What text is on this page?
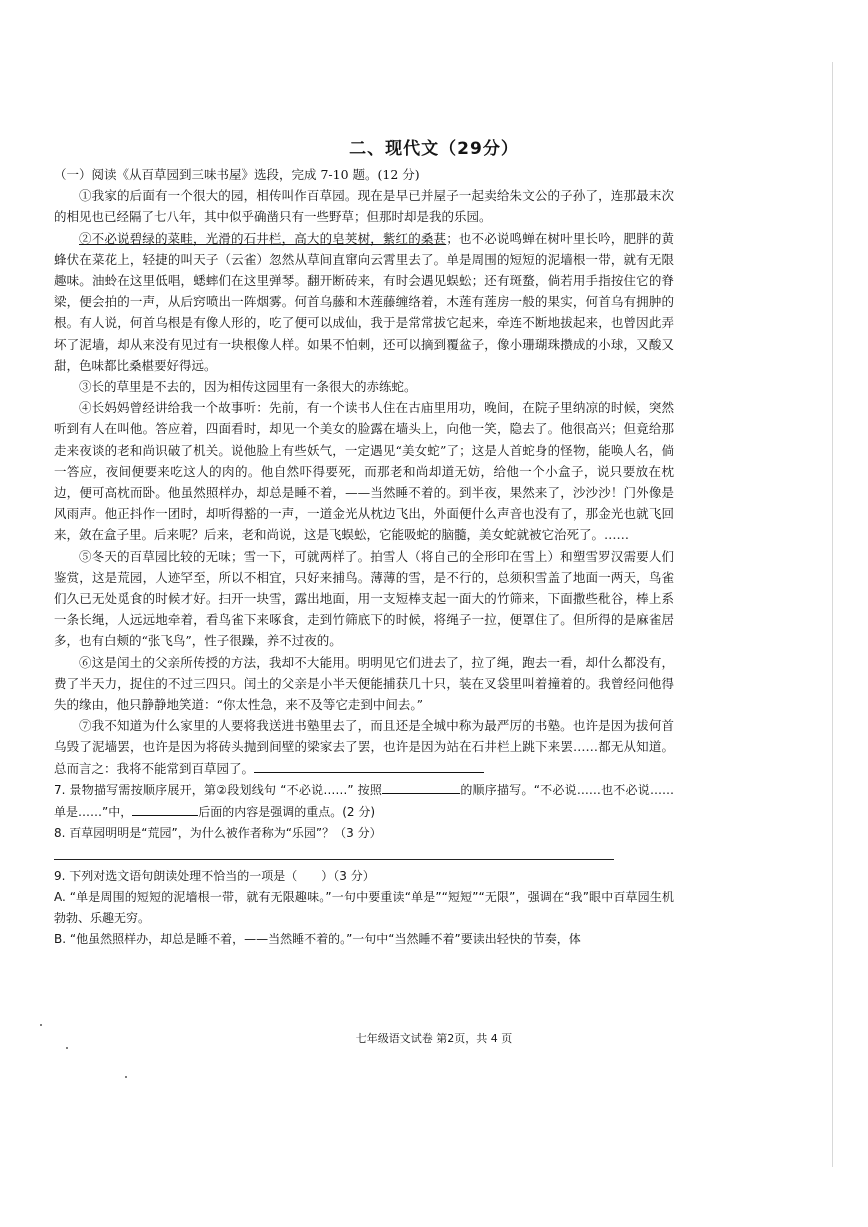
二、现代文（29分）

（一）阅读《从百草园到三味书屋》选段，完成 7-10 题。(12 分)

①我家的后面有一个很大的园，相传叫作百草园。现在是早已并屋子一起卖给朱文公的子孙了，连那最末次的相见也已经隔了七八年，其中似乎确凿只有一些野草；但那时却是我的乐园。

②不必说碧绿的菜畦，光滑的石井栏，高大的皂荚树，紫红的桑葚；也不必说鸣蝉在树叶里长吟，肥胖的黄蜂伏在菜花上，轻捷的叫天子（云雀）忽然从草间直窜向云霄里去了。单是周围的短短的泥墙根一带，就有无限趣味。油蛉在这里低唱，蟋蟀们在这里弹琴。翻开断砖来，有时会遇见蜈蚣；还有斑蝥，倘若用手指按住它的脊梁，便会拍的一声，从后窍喷出一阵烟雾。何首乌藤和木莲藤缠络着，木莲有莲房一般的果实，何首乌有拥肿的根。有人说，何首乌根是有像人形的，吃了便可以成仙，我于是常常拔它起来，牵连不断地拔起来，也曾因此弄坏了泥墙，却从来没有见过有一块根像人样。如果不怕刺，还可以摘到覆盆子，像小珊瑚珠攒成的小球，又酸又甜，色味都比桑椹要好得远。

③长的草里是不去的，因为相传这园里有一条很大的赤练蛇。

④长妈妈曾经讲给我一个故事听：先前，有一个读书人住在古庙里用功，晚间，在院子里纳凉的时候，突然听到有人在叫他。答应着，四面看时，却见一个美女的脸露在墙头上，向他一笑，隐去了。他很高兴；但竟给那走来夜谈的老和尚识破了机关。说他脸上有些妖气，一定遇见“美女蛇”了；这是人首蛇身的怪物，能唤人名，倘一答应，夜间便要来吃这人的肉的。他自然吓得要死，而那老和尚却道无妨，给他一个小盒子，说只要放在枕边，便可高枕而卧。他虽然照样办，却总是睡不着，——当然睡不着的。到半夜，果然来了，沙沙沙！门外像是风雨声。他正抖作一团时，却听得豁的一声，一道金光从枕边飞出，外面便什么声音也没有了，那金光也就飞回来，敛在盒子里。后来呢？后来，老和尚说，这是飞蜈蚣，它能吸蛇的脑髓，美女蛇就被它治死了。……

⑤冬天的百草园比较的无味；雪一下，可就两样了。拍雪人（将自己的全形印在雪上）和塑雪罗汉需要人们鉴赏，这是荒园，人迹罕至，所以不相宜，只好来捕鸟。薄薄的雪，是不行的，总须积雪盖了地面一两天，鸟雀们久已无处觅食的时候才好。扫开一块雪，露出地面，用一支短棒支起一面大的竹筛来，下面撒些秕谷，棒上系一条长绳，人远远地牵着，看鸟雀下来啄食，走到竹筛底下的时候，将绳子一拉，便罩住了。但所得的是麻雀居多，也有白颊的“张飞鸟”，性子很躁，养不过夜的。

⑥这是闰土的父亲所传授的方法，我却不大能用。明明见它们进去了，拉了绳，跑去一看，却什么都没有，费了半天力，捉住的不过三四只。闰土的父亲是小半天便能捕获几十只，装在叉袋里叫着撞着的。我曾经问他得失的缘由，他只静静地笑道：“你太性急，来不及等它走到中间去。”

⑦我不知道为什么家里的人要将我送进书塾里去了，而且还是全城中称为最严厉的书塾。也许是因为拔何首乌毁了泥墙罢，也许是因为将砖头抛到间壁的梁家去了罢，也许是因为站在石井栏上跳下来罢……都无从知道。总而言之：我将不能常到百草园了。

7. 景物描写需按顺序展开，第②段划线句 “不必说……” 按照	的顺序描写。“不必说……也不必说……单是……”中，	后面的内容是强调的重点。(2 分)

8. 百草园明明是“荒园”，为什么被作者称为“乐园”？（3 分）

9. 下列对选文语句朗读处理不恰当的一项是（　　）（3 分）

A. “单是周围的短短的泥墙根一带，就有无限趣味。”一句中要重读“单是”“短短”“无限”，强调在“我”眼中百草园生机勃勃、乐趣无穷。

B. “他虽然照样办，却总是睡不着，——当然睡不着的。”一句中“当然睡不着”要读出轻快的节奏，体

七年级语文试卷 第2页，共 4 页
